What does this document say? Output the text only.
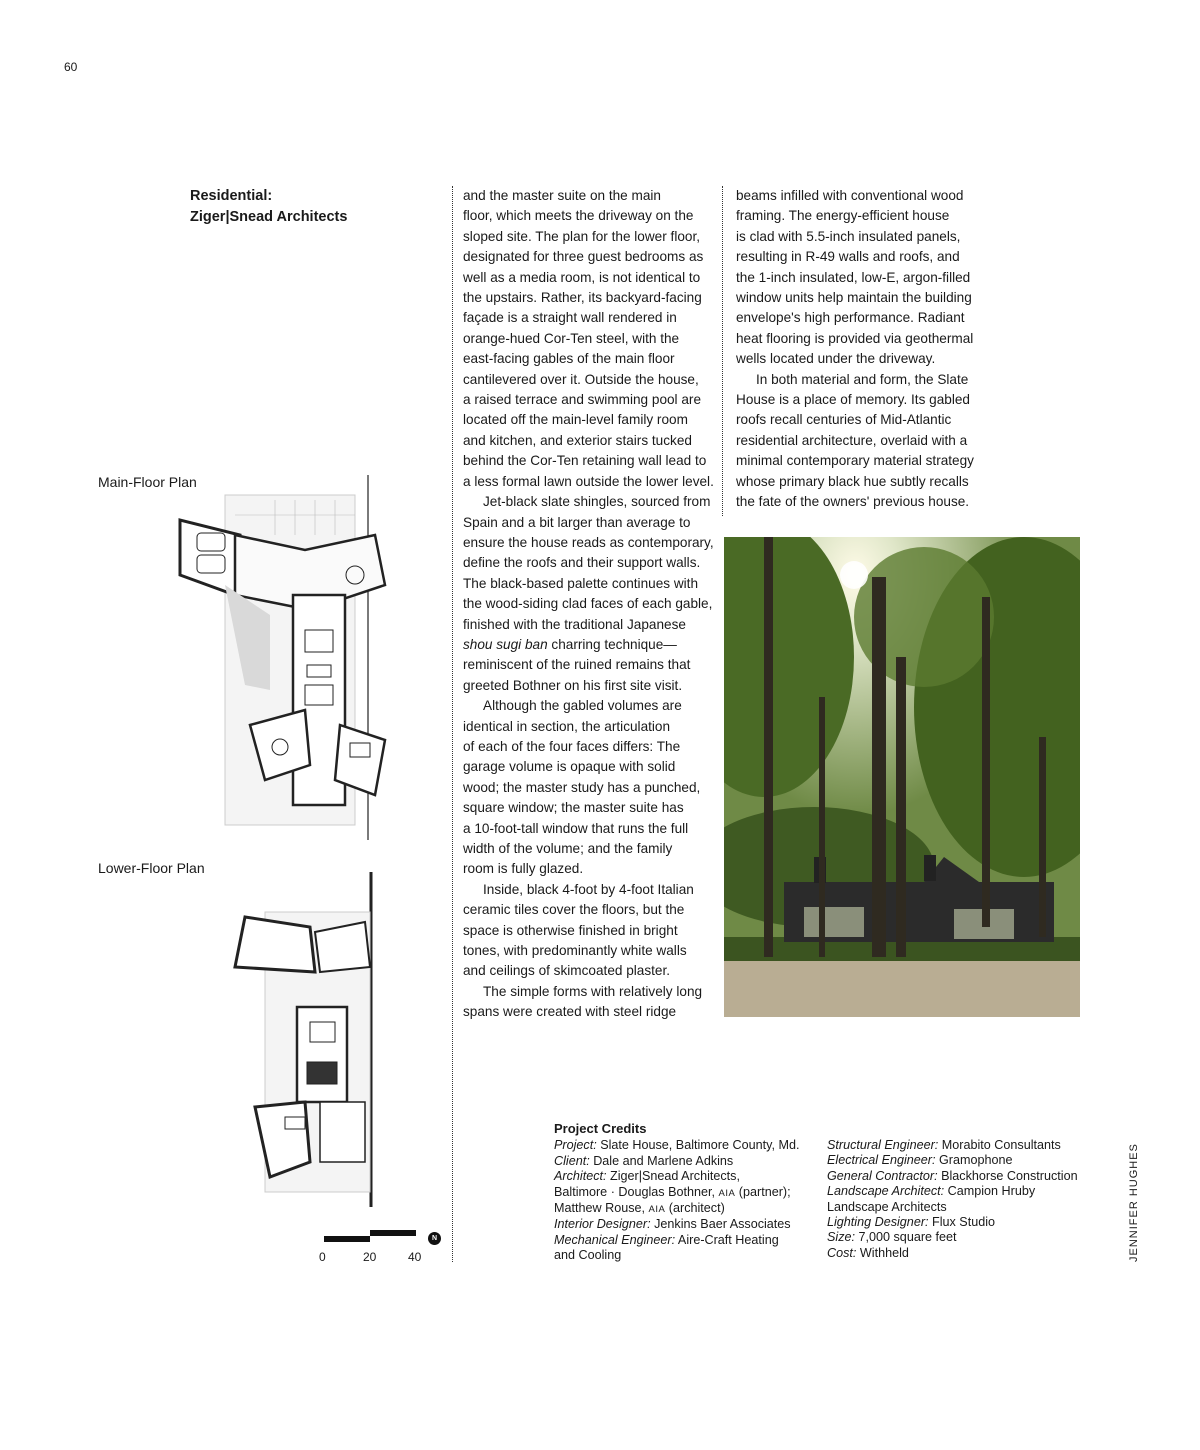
60
Residential:
Ziger|Snead Architects
Main-Floor Plan
Lower-Floor Plan
N
0	20	40
and the master suite on the main
floor, which meets the driveway on the
sloped site. The plan for the lower floor,
designated for three guest bedrooms as
well as a media room, is not identical to
the upstairs. Rather, its backyard-facing
façade is a straight wall rendered in
orange-hued Cor-Ten steel, with the
east-facing gables of the main floor
cantilevered over it. Outside the house,
a raised terrace and swimming pool are
located off the main-level family room
and kitchen, and exterior stairs tucked
behind the Cor-Ten retaining wall lead to
a less formal lawn outside the lower level.
Jet-black slate shingles, sourced from
Spain and a bit larger than average to
ensure the house reads as contemporary,
define the roofs and their support walls.
The black-based palette continues with
the wood-siding clad faces of each gable,
finished with the traditional Japanese
shou sugi ban charring technique—
reminiscent of the ruined remains that
greeted Bothner on his first site visit.
Although the gabled volumes are
identical in section, the articulation
of each of the four faces differs: The
garage volume is opaque with solid
wood; the master study has a punched,
square window; the master suite has
a 10-foot-tall window that runs the full
width of the volume; and the family
room is fully glazed.
Inside, black 4-foot by 4-foot Italian
ceramic tiles cover the floors, but the
space is otherwise finished in bright
tones, with predominantly white walls
and ceilings of skimcoated plaster.
The simple forms with relatively long
spans were created with steel ridge
beams infilled with conventional wood
framing. The energy-efficient house
is clad with 5.5-inch insulated panels,
resulting in R-49 walls and roofs, and
the 1-inch insulated, low-E, argon-filled
window units help maintain the building
envelope's high performance. Radiant
heat flooring is provided via geothermal
wells located under the driveway.
In both material and form, the Slate
House is a place of memory. Its gabled
roofs recall centuries of Mid-Atlantic
residential architecture, overlaid with a
minimal contemporary material strategy
whose primary black hue subtly recalls
the fate of the owners' previous house.
Project Credits
Project: Slate House, Baltimore County, Md.
Client: Dale and Marlene Adkins
Architect: Ziger|Snead Architects,
Baltimore · Douglas Bothner, AIA (partner);
Matthew Rouse, AIA (architect)
Interior Designer: Jenkins Baer Associates
Mechanical Engineer: Aire-Craft Heating
and Cooling
Structural Engineer: Morabito Consultants
Electrical Engineer: Gramophone
General Contractor: Blackhorse Construction
Landscape Architect: Campion Hruby
Landscape Architects
Lighting Designer: Flux Studio
Size: 7,000 square feet
Cost: Withheld	JENNIFER HUGHES
